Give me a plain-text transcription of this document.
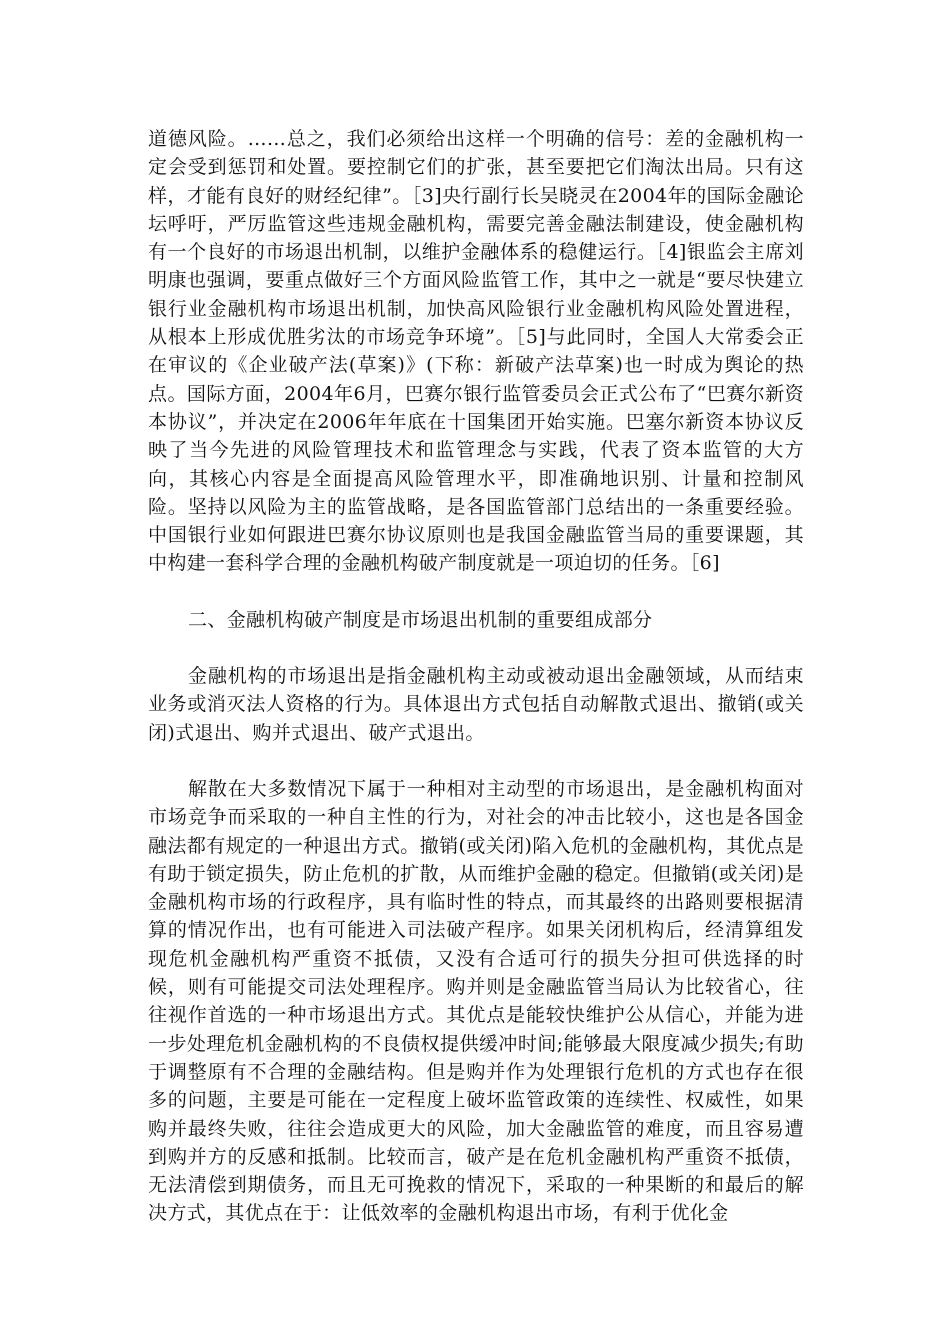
道德风险。……总之，我们必须给出这样一个明确的信号：差的金融机构一定会受到惩罚和处置。要控制它们的扩张，甚至要把它们淘汰出局。只有这样，才能有良好的财经纪律”。［3]央行副行长吴晓灵在2004年的国际金融论坛呼吁，严厉监管这些违规金融机构，需要完善金融法制建设，使金融机构有一个良好的市场退出机制，以维护金融体系的稳健运行。［4]银监会主席刘明康也强调，要重点做好三个方面风险监管工作，其中之一就是“要尽快建立银行业金融机构市场退出机制，加快高风险银行业金融机构风险处置进程，从根本上形成优胜劣汰的市场竞争环境”。［5]与此同时，全国人大常委会正在审议的《企业破产法(草案)》(下称：新破产法草案)也一时成为舆论的热点。国际方面，2004年6月，巴赛尔银行监管委员会正式公布了“巴赛尔新资本协议”，并决定在2006年年底在十国集团开始实施。巴塞尔新资本协议反映了当今先进的风险管理技术和监管理念与实践，代表了资本监管的大方向，其核心内容是全面提高风险管理水平，即准确地识别、计量和控制风险。坚持以风险为主的监管战略，是各国监管部门总结出的一条重要经验。中国银行业如何跟进巴赛尔协议原则也是我国金融监管当局的重要课题，其中构建一套科学合理的金融机构破产制度就是一项迫切的任务。［6]

二、金融机构破产制度是市场退出机制的重要组成部分

金融机构的市场退出是指金融机构主动或被动退出金融领域，从而结束业务或消灭法人资格的行为。具体退出方式包括自动解散式退出、撤销(或关闭)式退出、购并式退出、破产式退出。

解散在大多数情况下属于一种相对主动型的市场退出，是金融机构面对市场竞争而采取的一种自主性的行为，对社会的冲击比较小，这也是各国金融法都有规定的一种退出方式。撤销(或关闭)陷入危机的金融机构，其优点是有助于锁定损失，防止危机的扩散，从而维护金融的稳定。但撤销(或关闭)是金融机构市场的行政程序，具有临时性的特点，而其最终的出路则要根据清算的情况作出，也有可能进入司法破产程序。如果关闭机构后，经清算组发现危机金融机构严重资不抵债，又没有合适可行的损失分担可供选择的时候，则有可能提交司法处理程序。购并则是金融监管当局认为比较省心，往往视作首选的一种市场退出方式。其优点是能较快维护公从信心，并能为进一步处理危机金融机构的不良债权提供缓冲时间;能够最大限度减少损失;有助于调整原有不合理的金融结构。但是购并作为处理银行危机的方式也存在很多的问题，主要是可能在一定程度上破坏监管政策的连续性、权威性，如果购并最终失败，往往会造成更大的风险，加大金融监管的难度，而且容易遭到购并方的反感和抵制。比较而言，破产是在危机金融机构严重资不抵债，无法清偿到期债务，而且无可挽救的情况下，采取的一种果断的和最后的解决方式，其优点在于：让低效率的金融机构退出市场，有利于优化金
